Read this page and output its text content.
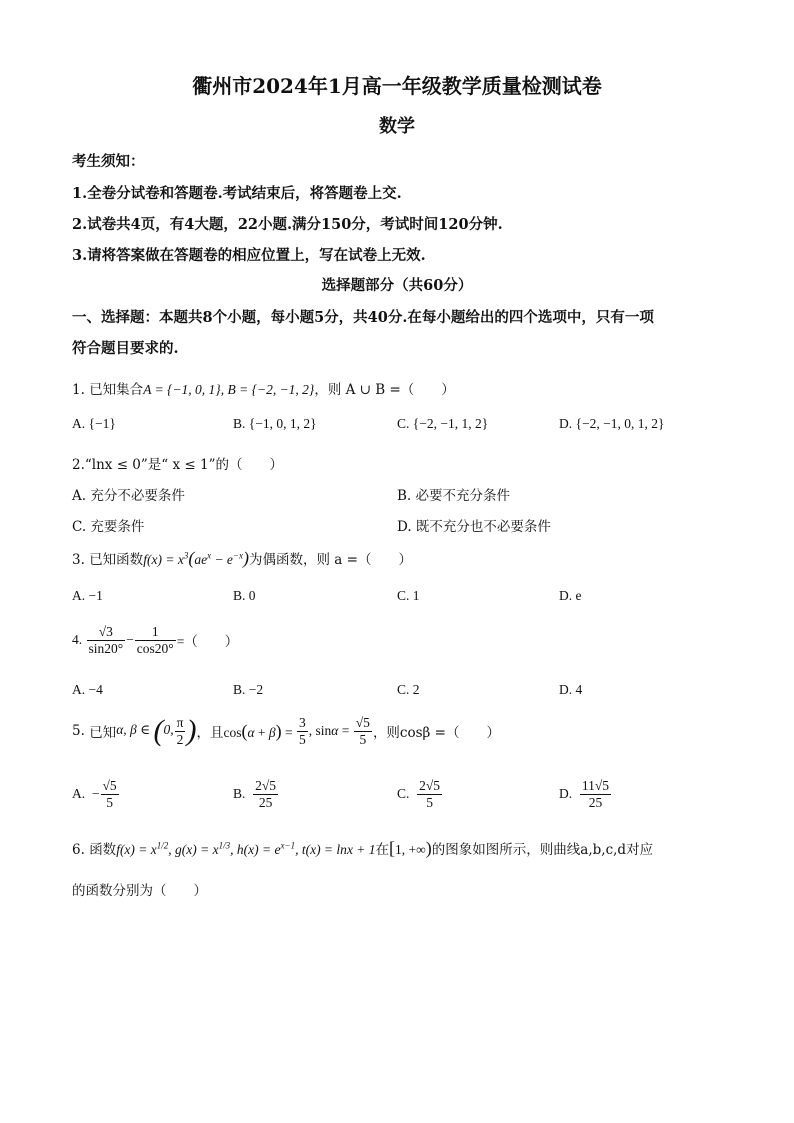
衢州市2024年1月高一年级教学质量检测试卷
数学
考生须知：
1.全卷分试卷和答题卷.考试结束后，将答题卷上交.
2.试卷共4页，有4大题，22小题.满分150分，考试时间120分钟.
3.请将答案做在答题卷的相应位置上，写在试卷上无效.
选择题部分（共60分）
一、选择题：本题共8个小题，每小题5分，共40分.在每小题给出的四个选项中，只有一项
符合题目要求的.
1. 已知集合A = {−1, 0, 1}, B = {−2, −1, 2}，则 A ∪ B =（　　）
A. {−1}	B. {−1, 0, 1, 2}	C. {−2, −1, 1, 2}	D. {−2, −1, 0, 1, 2}
2.“lnx ≤ 0”是“ x ≤ 1”的（　　）
A. 充分不必要条件	B. 必要不充分条件
C. 充要条件	D. 既不充分也不必要条件
3. 已知函数$f(x) = x^3(ae^x - e^{-x})$为偶函数，则 a =（　　）
A. −1	B. 0	C. 1	D. e
4. $\frac{√3}{\sin 20^\circ} - \frac{1}{\cos 20^\circ}$ =（　　）
A. −4	B. −2	C. 2	D. 4
5. 已知α, β ∈ (0, $\frac{\pi}{2}$ )，且$\cos(\alpha + \beta) = \frac{3}{5}$ , $\sin\alpha = \frac{√5}{5}$ ，则cosβ =（　　）
A. − $\frac{√5}{5}$	B. $\frac{2√5}{25}$	C. $\frac{2√5}{5}$	D. $\frac{11√5}{25}$
6. 函数$f(x) = x^{1/2}$, $g(x) = x^{1/3}$, $h(x) = e^{x-1}$, t(x) = lnx + 1在[1, +∞)的图象如图所示，则曲线a,b,c,d对应
的函数分别为（　　）
